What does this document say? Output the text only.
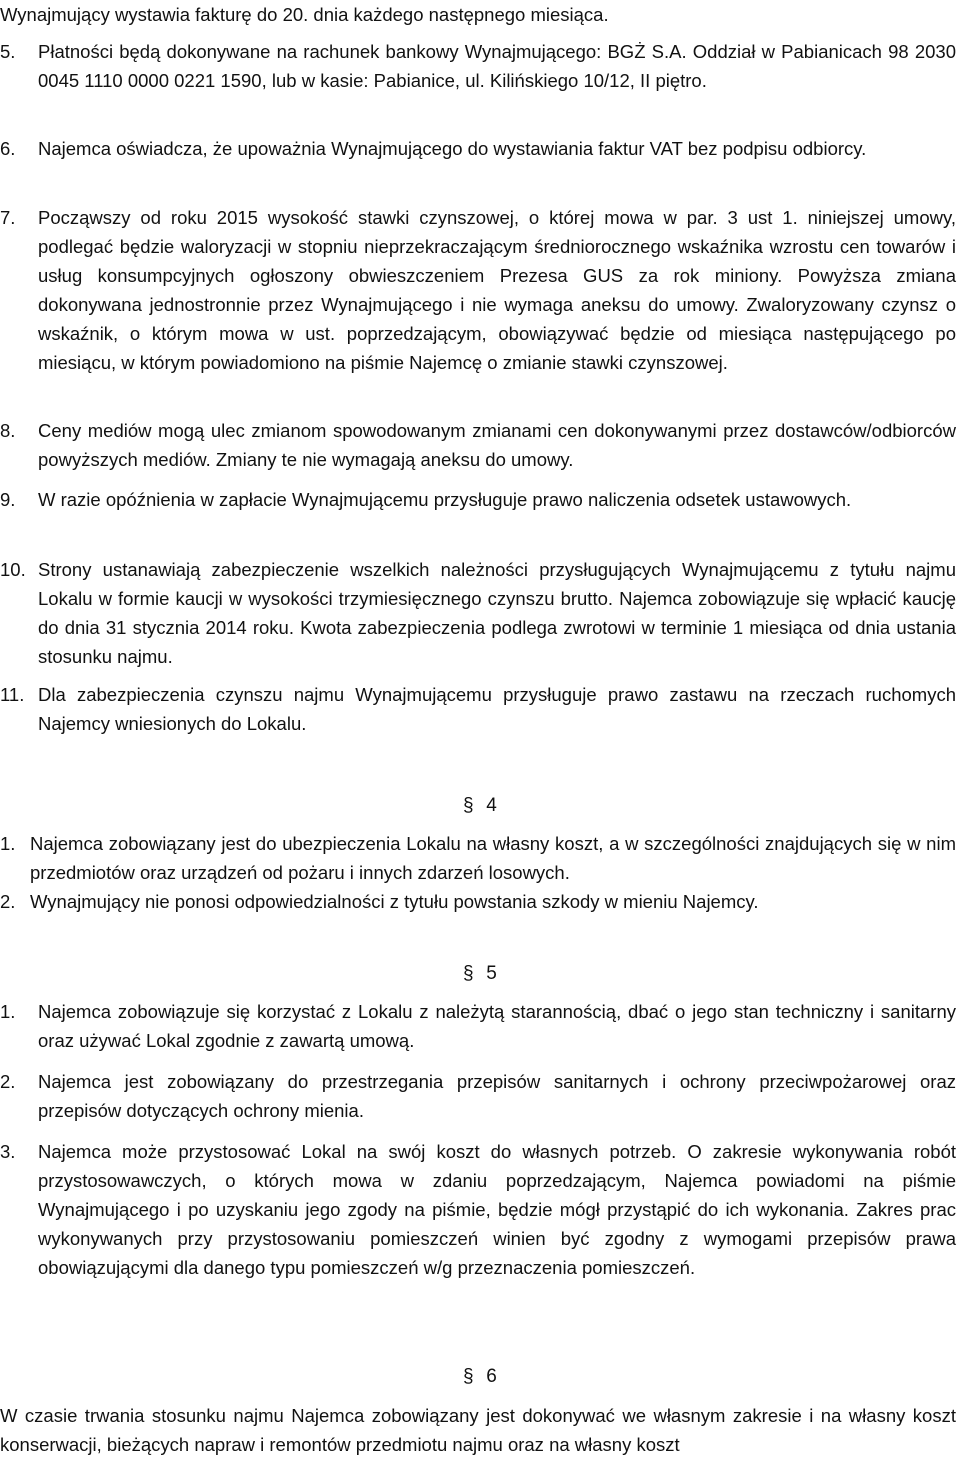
Wynajmujący wystawia fakturę do 20. dnia każdego następnego miesiąca.
5. Płatności będą dokonywane na rachunek bankowy Wynajmującego: BGŻ S.A. Oddział w Pabianicach 98 2030 0045 1110 0000 0221 1590, lub w kasie: Pabianice, ul. Kilińskiego 10/12, II piętro.
6. Najemca oświadcza, że upoważnia Wynajmującego do wystawiania faktur VAT bez podpisu odbiorcy.
7. Począwszy od roku 2015 wysokość stawki czynszowej, o której mowa w par. 3 ust 1. niniejszej umowy, podlegać będzie waloryzacji w stopniu nieprzekraczającym średniorocznego wskaźnika wzrostu cen towarów i usług konsumpcyjnych ogłoszony obwieszczeniem Prezesa GUS za rok miniony. Powyższa zmiana dokonywana jednostronnie przez Wynajmującego i nie wymaga aneksu do umowy. Zwaloryzowany czynsz o wskaźnik, o którym mowa w ust. poprzedzającym, obowiązywać będzie od miesiąca następującego po miesiącu, w którym powiadomiono na piśmie Najemcę o zmianie stawki czynszowej.
8. Ceny mediów mogą ulec zmianom spowodowanym zmianami cen dokonywanymi przez dostawców/odbiorców powyższych mediów. Zmiany te nie wymagają aneksu do umowy.
9. W razie opóźnienia w zapłacie Wynajmującemu przysługuje prawo naliczenia odsetek ustawowych.
10. Strony ustanawiają zabezpieczenie wszelkich należności przysługujących Wynajmującemu z tytułu najmu Lokalu w formie kaucji w wysokości trzymiesięcznego czynszu brutto. Najemca zobowiązuje się wpłacić kaucję do dnia 31 stycznia 2014 roku. Kwota zabezpieczenia podlega zwrotowi w terminie 1 miesiąca od dnia ustania stosunku najmu.
11. Dla zabezpieczenia czynszu najmu Wynajmującemu przysługuje prawo zastawu na rzeczach ruchomych Najemcy wniesionych do Lokalu.
§ 4
1. Najemca zobowiązany jest do ubezpieczenia Lokalu na własny koszt, a w szczególności znajdujących się w nim przedmiotów oraz urządzeń od pożaru i innych zdarzeń losowych.
2. Wynajmujący nie ponosi odpowiedzialności z tytułu powstania szkody w mieniu Najemcy.
§ 5
1. Najemca zobowiązuje się korzystać z Lokalu z należytą starannością, dbać o jego stan techniczny i sanitarny oraz używać Lokal zgodnie z zawartą umową.
2. Najemca jest zobowiązany do przestrzegania przepisów sanitarnych i ochrony przeciwpożarowej oraz przepisów dotyczących ochrony mienia.
3. Najemca może przystosować Lokal na swój koszt do własnych potrzeb. O zakresie wykonywania robót przystosowawczych, o których mowa w zdaniu poprzedzającym, Najemca powiadomi na piśmie Wynajmującego i po uzyskaniu jego zgody na piśmie, będzie mógł przystąpić do ich wykonania. Zakres prac wykonywanych przy przystosowaniu pomieszczeń winien być zgodny z wymogami przepisów prawa obowiązującymi dla danego typu pomieszczeń w/g przeznaczenia pomieszczeń.
§ 6
W czasie trwania stosunku najmu Najemca zobowiązany jest dokonywać we własnym zakresie i na własny koszt konserwacji, bieżących napraw i remontów przedmiotu najmu oraz na własny koszt
